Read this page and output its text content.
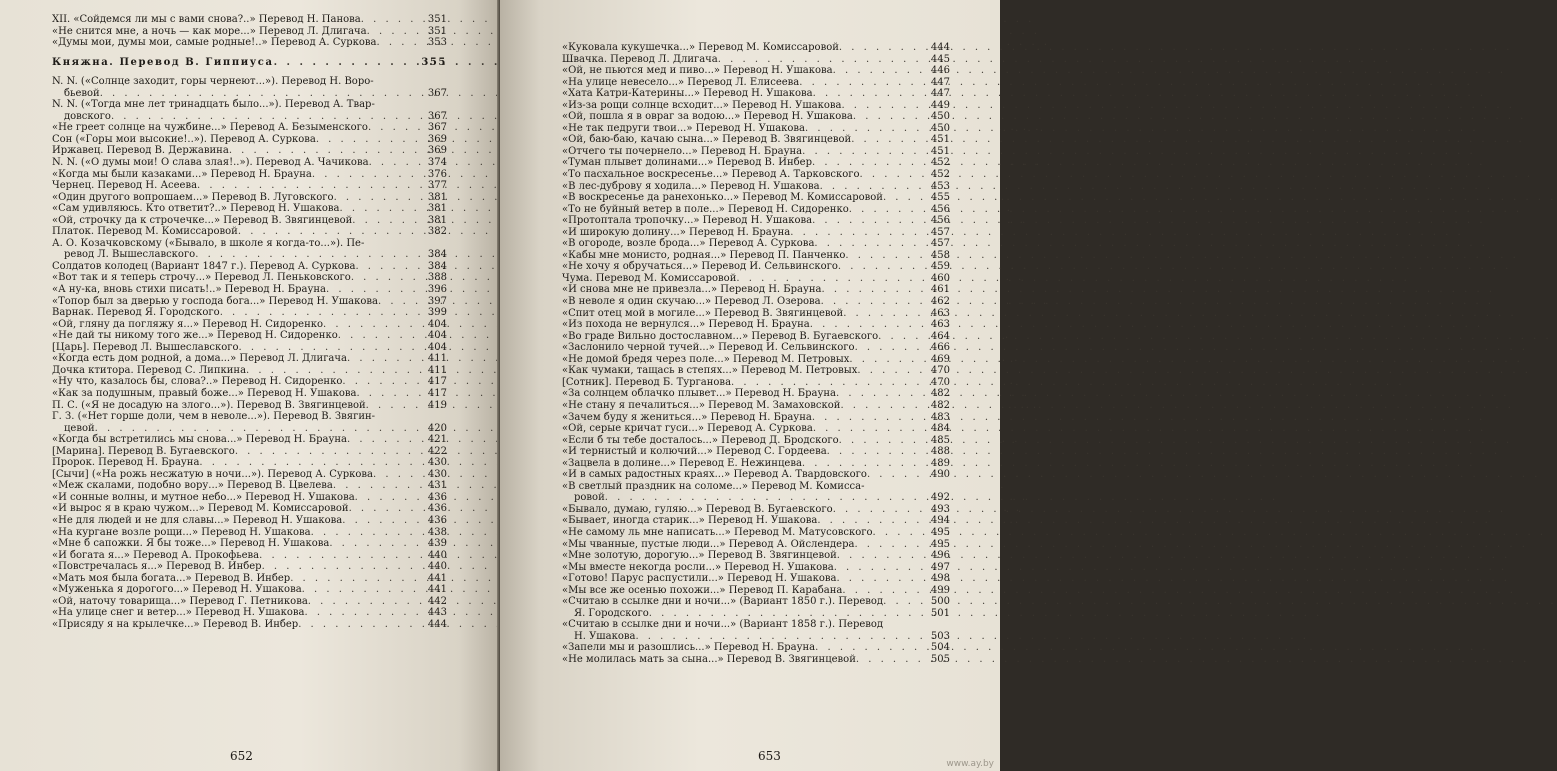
XII. «Сойдемся ли мы с вами снова?..» Перевод Н. Панова . . .	351
«Не снится мне, а ночь — как море...» Перевод Л. Длигача . . .	351
«Думы мои, думы мои, самые родные!..» Перевод А. Суркова . . .	353
Княжна. Перевод В. Гиппиуса . . .	355
N. N. («Солнце заходит, горы чернеют...»). Перевод Н. Воро-
бьевой . . .	367
N. N. («Тогда мне лет тринадцать было...»). Перевод А. Твар-
довского . . .	367
«Не греет солнце на чужбине...» Перевод А. Безыменского . . .	367
Сон («Горы мои высокие!..»). Перевод А. Суркова . . .	369
Иржавец. Перевод В. Державина . . .	369
N. N. («О думы мои! О слава злая!..»). Перевод А. Чачикова . . .	374
«Когда мы были казаками...» Перевод Н. Брауна . . .	376
Чернец. Перевод Н. Асеева . . .	377
«Один другого вопрошаем...» Перевод В. Луговского . . .	381
«Сам удивляюсь. Кто ответит?..» Перевод Н. Ушакова . . .	381
«Ой, строчку да к строчечке...» Перевод В. Звягинцевой . . .	381
Платок. Перевод М. Комиссаровой . . .	382
А. О. Козачковскому («Бывало, в школе я когда-то...»). Пе-
ревод Л. Вышеславского . . .	384
Солдатов колодец (Вариант 1847 г.). Перевод А. Суркова . . .	384
«Вот так и я теперь строчу...» Перевод Л. Пеньковского . . .	388
«А ну-ка, вновь стихи писать!..» Перевод Н. Брауна . . .	396
«Топор был за дверью у господа бога...» Перевод Н. Ушакова . . .	397
Варнак. Перевод Я. Городского . . .	399
«Ой, гляну да погляжу я...» Перевод Н. Сидоренко . . .	404
«Не дай ты никому того же...» Перевод Н. Сидоренко . . .	404
[Царь]. Перевод Л. Вышеславского . . .	404
«Когда есть дом родной, а дома...» Перевод Л. Длигача . . .	411
Дочка ктитора. Перевод С. Липкина . . .	411
«Ну что, казалось бы, слова?..» Перевод Н. Сидоренко . . .	417
«Как за подушным, правый боже...» Перевод Н. Ушакова . . .	417
П. С. («Я не досадую на злого...»). Перевод В. Звягинцевой . . .	419
Г. З. («Нет горше доли, чем в неволе...»). Перевод В. Звягин-
цевой . . .	420
«Когда бы встретились мы снова...» Перевод Н. Брауна . . .	421
[Марина]. Перевод В. Бугаевского . . .	422
Пророк. Перевод Н. Брауна . . .	430
[Сычи] («На рожь несжатую в ночи...»). Перевод А. Суркова . . .	430
«Меж скалами, подобно вору...» Перевод В. Цвелева . . .	431
«И сонные волны, и мутное небо...» Перевод Н. Ушакова . . .	436
«И вырос я в краю чужом...» Перевод М. Комиссаровой . . .	436
«Не для людей и не для славы...» Перевод Н. Ушакова . . .	436
«На кургане возле рощи...» Перевод Н. Ушакова . . .	438
«Мне б сапожки. Я бы тоже...» Перевод Н. Ушакова . . .	439
«И богата я...» Перевод А. Прокофьева . . .	440
«Повстречалась я...» Перевод В. Инбер . . .	440
«Мать моя была богата...» Перевод В. Инбер . . .	441
«Муженька я дорогого...» Перевод Н. Ушакова . . .	441
«Ой, наточу товарища...» Перевод Г. Петникова . . .	442
«На улице снег и ветер...» Перевод Н. Ушакова . . .	443
«Присяду я на крылечке...» Перевод В. Инбер . . .	444
652
«Куковала кукушечка...» Перевод М. Комиссаровой . . .	444
Швачка. Перевод Л. Длигача . . .	445
«Ой, не пьются мед и пиво...» Перевод Н. Ушакова . . .	446
«На улице невесело...» Перевод Л. Елисеева . . .	447
«Хата Катри-Катерины...» Перевод Н. Ушакова . . .	447
«Из-за рощи солнце всходит...» Перевод Н. Ушакова . . .	449
«Ой, пошла я в овраг за водою...» Перевод Н. Ушакова . . .	450
«Не так педруги твои...» Перевод Н. Ушакова . . .	450
«Ой, баю-баю, качаю сына...» Перевод В. Звягинцевой . . .	451
«Отчего ты почернело...» Перевод Н. Брауна . . .	451
«Туман плывет долинами...» Перевод В. Инбер . . .	452
«То пасхальное воскресенье...» Перевод А. Тарковского . . .	452
«В лес-дуброву я ходила...» Перевод Н. Ушакова . . .	453
«В воскресенье да ранехонько...» Перевод М. Комиссаровой . . .	455
«То не буйный ветер в поле...» Перевод Н. Сидоренко . . .	456
«Протоптала тропочку...» Перевод Н. Ушакова . . .	456
«И широкую долину...» Перевод Н. Брауна . . .	457
«В огороде, возле брода...» Перевод А. Суркова . . .	457
«Кабы мне монисто, родная...» Перевод П. Панченко . . .	458
«Не хочу я обручаться...» Перевод И. Сельвинского . . .	459
Чума. Перевод М. Комиссаровой . . .	460
«И снова мне не привезла...» Перевод Н. Брауна . . .	461
«В неволе я один скучаю...» Перевод Л. Озерова . . .	462
«Спит отец мой в могиле...» Перевод В. Звягинцевой . . .	463
«Из похода не вернулся...» Перевод Н. Брауна . . .	463
«Во граде Вильно достославном...» Перевод В. Бугаевского . . .	464
«Заслонило черной тучей...» Перевод И. Сельвинского . . .	466
«Не домой бредя через поле...» Перевод М. Петровых . . .	469
«Как чумаки, тащась в степях...» Перевод М. Петровых . . .	470
[Сотник]. Перевод Б. Турганова . . .	470
«За солнцем облачко плывет...» Перевод Н. Брауна . . .	482
«Не стану я печалиться...» Перевод М. Замаховской . . .	482
«Зачем буду я жениться...» Перевод Н. Брауна . . .	483
«Ой, серые кричат гуси...» Перевод А. Суркова . . .	484
«Если б ты тебе досталось...» Перевод Д. Бродского . . .	485
«И тернистый и колючий...» Перевод С. Гордеева . . .	488
«Зацвела в долине...» Перевод Е. Нежинцева . . .	489
«И в самых радостных краях...» Перевод А. Твардовского . . .	490
«В светлый праздник на соломе...» Перевод М. Комисса-
ровой . . .	492
«Бывало, думаю, гуляю...» Перевод В. Бугаевского . . .	493
«Бывает, иногда старик...» Перевод Н. Ушакова . . .	494
«Не самому ль мне написать...» Перевод М. Матусовского . . .	495
«Мы чванные, пустые люди...» Перевод А. Ойслендера . . .	495
«Мне золотую, дорогую...» Перевод В. Звягинцевой . . .	496
«Мы вместе некогда росли...» Перевод Н. Ушакова . . .	497
«Готово! Парус распустили...» Перевод Н. Ушакова . . .	498
«Мы все же осенью похожи...» Перевод П. Карабана . . .	499
«Считаю в ссылке дни и ночи...» (Вариант 1850 г.). Перевод . . .	500
Я. Городского . . .	501
«Считаю в ссылке дни и ночи...» (Вариант 1858 г.). Перевод
Н. Ушакова . . .	503
«Запели мы и разошлись...» Перевод Н. Брауна . . .	504
«Не молилась мать за сына...» Перевод В. Звягинцевой . . .	505
653
www.ay.by
